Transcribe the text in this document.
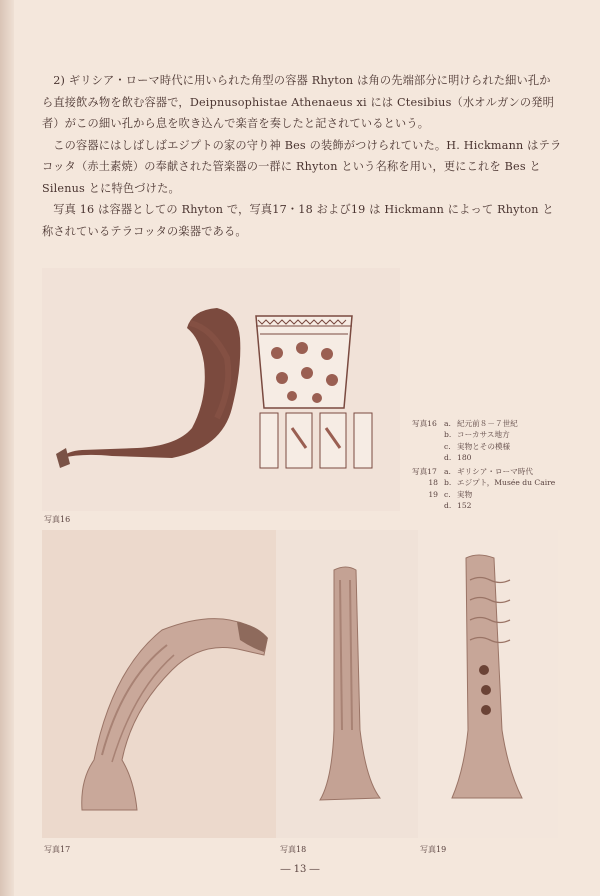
2) ギリシア・ローマ時代に用いられた角型の容器 Rhyton は角の先端部分に明けられた細い孔から直接飲み物を飲む容器で，Deipnusophistae Athenaeus xi には Ctesibius（水オルガンの発明者）がこの細い孔から息を吹き込んで楽音を奏したと記されているという。

この容器にはしばしばエジプトの家の守り神 Bes の装飾がつけられていた。H. Hickmann はテラコッタ（赤土素焼）の奉献された管楽器の一群に Rhyton という名称を用い，更にこれを Bes と Silenus とに特色づけた。

写真 16 は容器としての Rhyton で，写真17・18 および19 は Hickmann によって Rhyton と称されているテラコッタの楽器である。

写真16
写真16 a. 紀元前８－７世紀
b. コーカサス地方
c. 実物とその模様
d. 180
写真17 a. ギリシア・ローマ時代
18 b. エジプト，Musée du Caire
19 c. 実物
d. 152
写真17	写真18	写真19
― 13 ―
